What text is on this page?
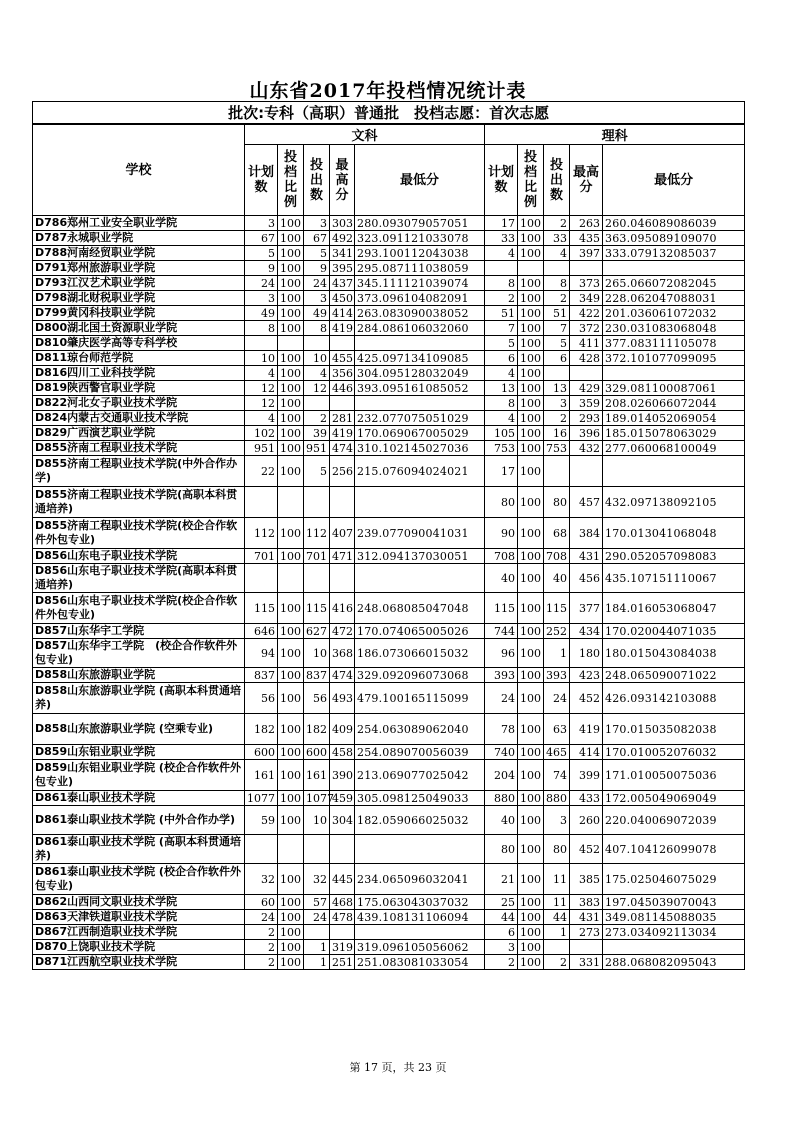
山东省2017年投档情况统计表
批次:专科（高职）普通批　投档志愿：首次志愿										
学校	文科					理科				
	计划数	投档比例	投出数	最高分	最低分	计划数	投档比例	投出数	最高分	最低分
D786郑州工业安全职业学院	3	100	3	303	280.093079057051	17	100	2	263	260.046089086039
D787永城职业学院	67	100	67	492	323.091121033078	33	100	33	435	363.095089109070
D788河南经贸职业学院	5	100	5	341	293.100112043038	4	100	4	397	333.079132085037
D791郑州旅游职业学院	9	100	9	395	295.087111038059					
D793江汉艺术职业学院	24	100	24	437	345.111121039074	8	100	8	373	265.066072082045
D798湖北财税职业学院	3	100	3	450	373.096104082091	2	100	2	349	228.062047088031
D799黄冈科技职业学院	49	100	49	414	263.083090038052	51	100	51	422	201.036061072032
D800湖北国土资源职业学院	8	100	8	419	284.086106032060	7	100	7	372	230.031083068048
D810肇庆医学高等专科学校						5	100	5	411	377.083111105078
D811琼台师范学院	10	100	10	455	425.097134109085	6	100	6	428	372.101077099095
D816四川工业科技学院	4	100	4	356	304.095128032049	4	100			
D819陕西警官职业学院	12	100	12	446	393.095161085052	13	100	13	429	329.081100087061
D822河北女子职业技术学院	12	100				8	100	3	359	208.026066072044
D824内蒙古交通职业技术学院	4	100	2	281	232.077075051029	4	100	2	293	189.014052069054
D829广西演艺职业学院	102	100	39	419	170.069067005029	105	100	16	396	185.015078063029
D855济南工程职业技术学院	951	100	951	474	310.102145027036	753	100	753	432	277.060068100049
D855济南工程职业技术学院(中外合作办学)	22	100	5	256	215.076094024021	17	100			
D855济南工程职业技术学院(高职本科贯通培养)						80	100	80	457	432.097138092105
D855济南工程职业技术学院(校企合作软件外包专业)	112	100	112	407	239.077090041031	90	100	68	384	170.013041068048
D856山东电子职业技术学院	701	100	701	471	312.094137030051	708	100	708	431	290.052057098083
D856山东电子职业技术学院(高职本科贯通培养)						40	100	40	456	435.107151110067
D856山东电子职业技术学院(校企合作软件外包专业)	115	100	115	416	248.068085047048	115	100	115	377	184.016053068047
D857山东华宇工学院	646	100	627	472	170.074065005026	744	100	252	434	170.020044071035
D857山东华宇工学院　(校企合作软件外包专业)	94	100	10	368	186.073066015032	96	100	1	180	180.015043084038
D858山东旅游职业学院	837	100	837	474	329.092096073068	393	100	393	423	248.065090071022
D858山东旅游职业学院 (高职本科贯通培养)	56	100	56	493	479.100165115099	24	100	24	452	426.093142103088
D858山东旅游职业学院 (空乘专业)	182	100	182	409	254.063089062040	78	100	63	419	170.015035082038
D859山东铝业职业学院	600	100	600	458	254.089070056039	740	100	465	414	170.010052076032
D859山东铝业职业学院 (校企合作软件外包专业)	161	100	161	390	213.069077025042	204	100	74	399	171.010050075036
D861泰山职业技术学院	1077	100	1077	459	305.098125049033	880	100	880	433	172.005049069049
D861泰山职业技术学院 (中外合作办学)	59	100	10	304	182.059066025032	40	100	3	260	220.040069072039
D861泰山职业技术学院 (高职本科贯通培养)						80	100	80	452	407.104126099078
D861泰山职业技术学院 (校企合作软件外包专业)	32	100	32	445	234.065096032041	21	100	11	385	175.025046075029
D862山西同文职业技术学院	60	100	57	468	175.063043037032	25	100	11	383	197.045039070043
D863天津铁道职业技术学院	24	100	24	478	439.108131106094	44	100	44	431	349.081145088035
D867江西制造职业技术学院	2	100				6	100	1	273	273.034092113034
D870上饶职业技术学院	2	100	1	319	319.096105056062	3	100			
D871江西航空职业技术学院	2	100	1	251	251.083081033054	2	100	2	331	288.068082095043
第 17 页，共 23 页
